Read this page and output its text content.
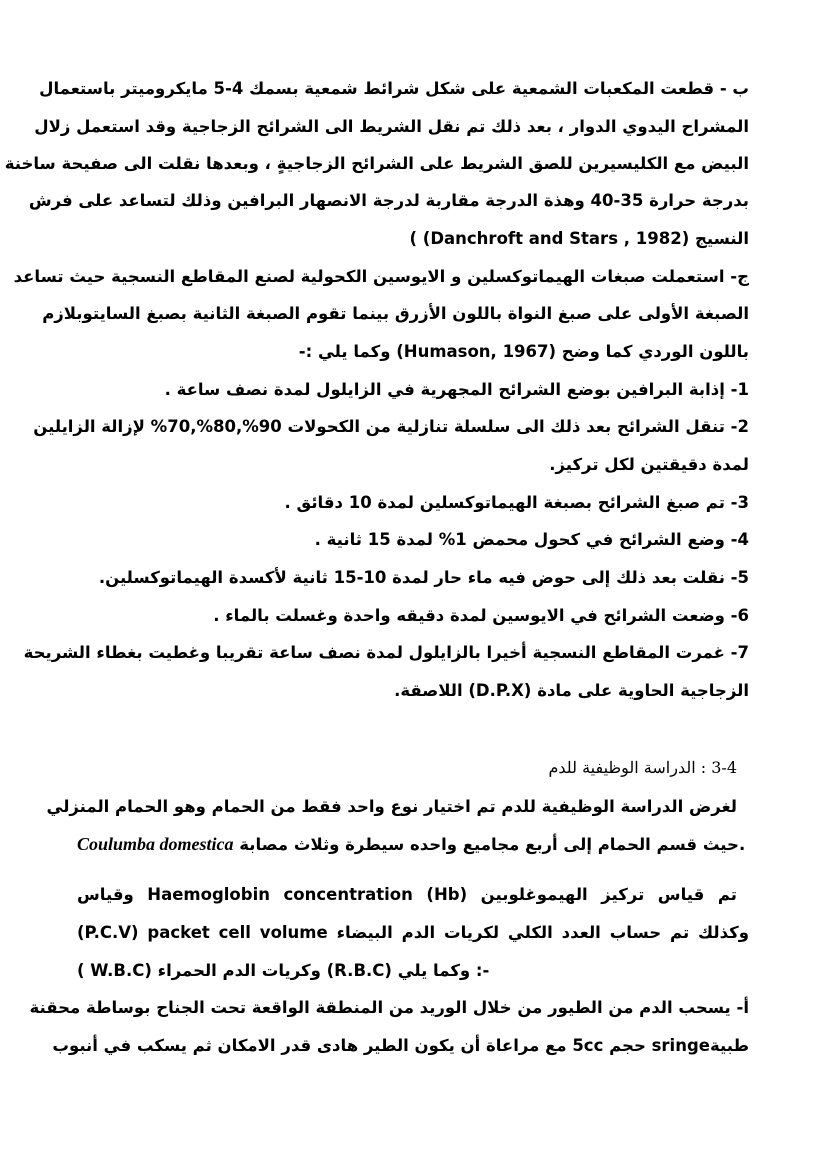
ب - قطعت المكعبات الشمعية على شكل شرائط شمعية بسمك 4-5 مايكروميتر باستعمال
المشراح اليدوي الدوار ، بعد ذلك تم نقل الشريط الى الشرائح الزجاجية وقد استعمل زلال
البيض مع الكليسيرين للصق الشريط على الشرائح الزجاجيةٍ ، وبعدها نقلت الى صفيحة ساخنة
بدرجة حرارة 35-40 وهذة الدرجة مقاربة لدرجة الانصهار البرافين وذلك لتساعد على فرش
النسيج (Danchroft and Stars , 1982) )
ج- استعملت صبغات الهيماتوكسلين و الايوسين الكحولية لصنع المقاطع النسجية حيث تساعد
الصبغة الأولى على صبغ النواة باللون الأزرق بينما تقوم الصبغة الثانية بصبغ السايتوبلازم
باللون الوردي كما وضح (Humason, 1967) وكما يلي :-
1- إذابة البرافين بوضع الشرائح المجهرية في الزايلول لمدة نصف ساعة .
2- تنقل الشرائح بعد ذلك الى سلسلة تنازلية من الكحولات 90%,80%,70% لإزالة الزايلين
لمدة دقيقتين لكل تركيز.
3- تم صبغ الشرائح بصبغة الهيماتوكسلين لمدة 10 دقائق .
4- وضع الشرائح في كحول محمض 1% لمدة 15 ثانية .
5- نقلت بعد ذلك إلى حوض فيه ماء حار لمدة 10-15 ثانية لأكسدة الهيماتوكسلين.
6- وضعت الشرائح في الايوسين لمدة دقيقه واحدة وغسلت بالماء .
7- غمرت المقاطع النسجية أخيرا بالزايلول لمدة نصف ساعة تقريبا وغطيت بغطاء الشريحة
الزجاجية الحاوية على مادة (D.P.X) اللاصقة.
3-4 : الدراسة الوظيفية للدم
لغرض الدراسة الوظيفية للدم تم اختيار نوع واحد فقط من الحمام وهو الحمام المنزلي
Coulumba domestica حيث قسم الحمام إلى أربع مجاميع واحده سيطرة وثلاث مصابة.
تم قياس تركيز الهيموغلوبين Haemoglobin concentration (Hb) وقياس
(P.C.V) packet cell volume وكذلك تم حساب العدد الكلي لكريات الدم البيضاء
( W.B.C) وكريات الدم الحمراء (R.B.C) وكما يلي :-
أ- يسحب الدم من الطيور من خلال الوريد من المنطقة الواقعة تحت الجناح بوساطة محقنة
طبيةsringe حجم 5cc مع مراعاة أن يكون الطير هادى قدر الامكان ثم يسكب في أنبوب
